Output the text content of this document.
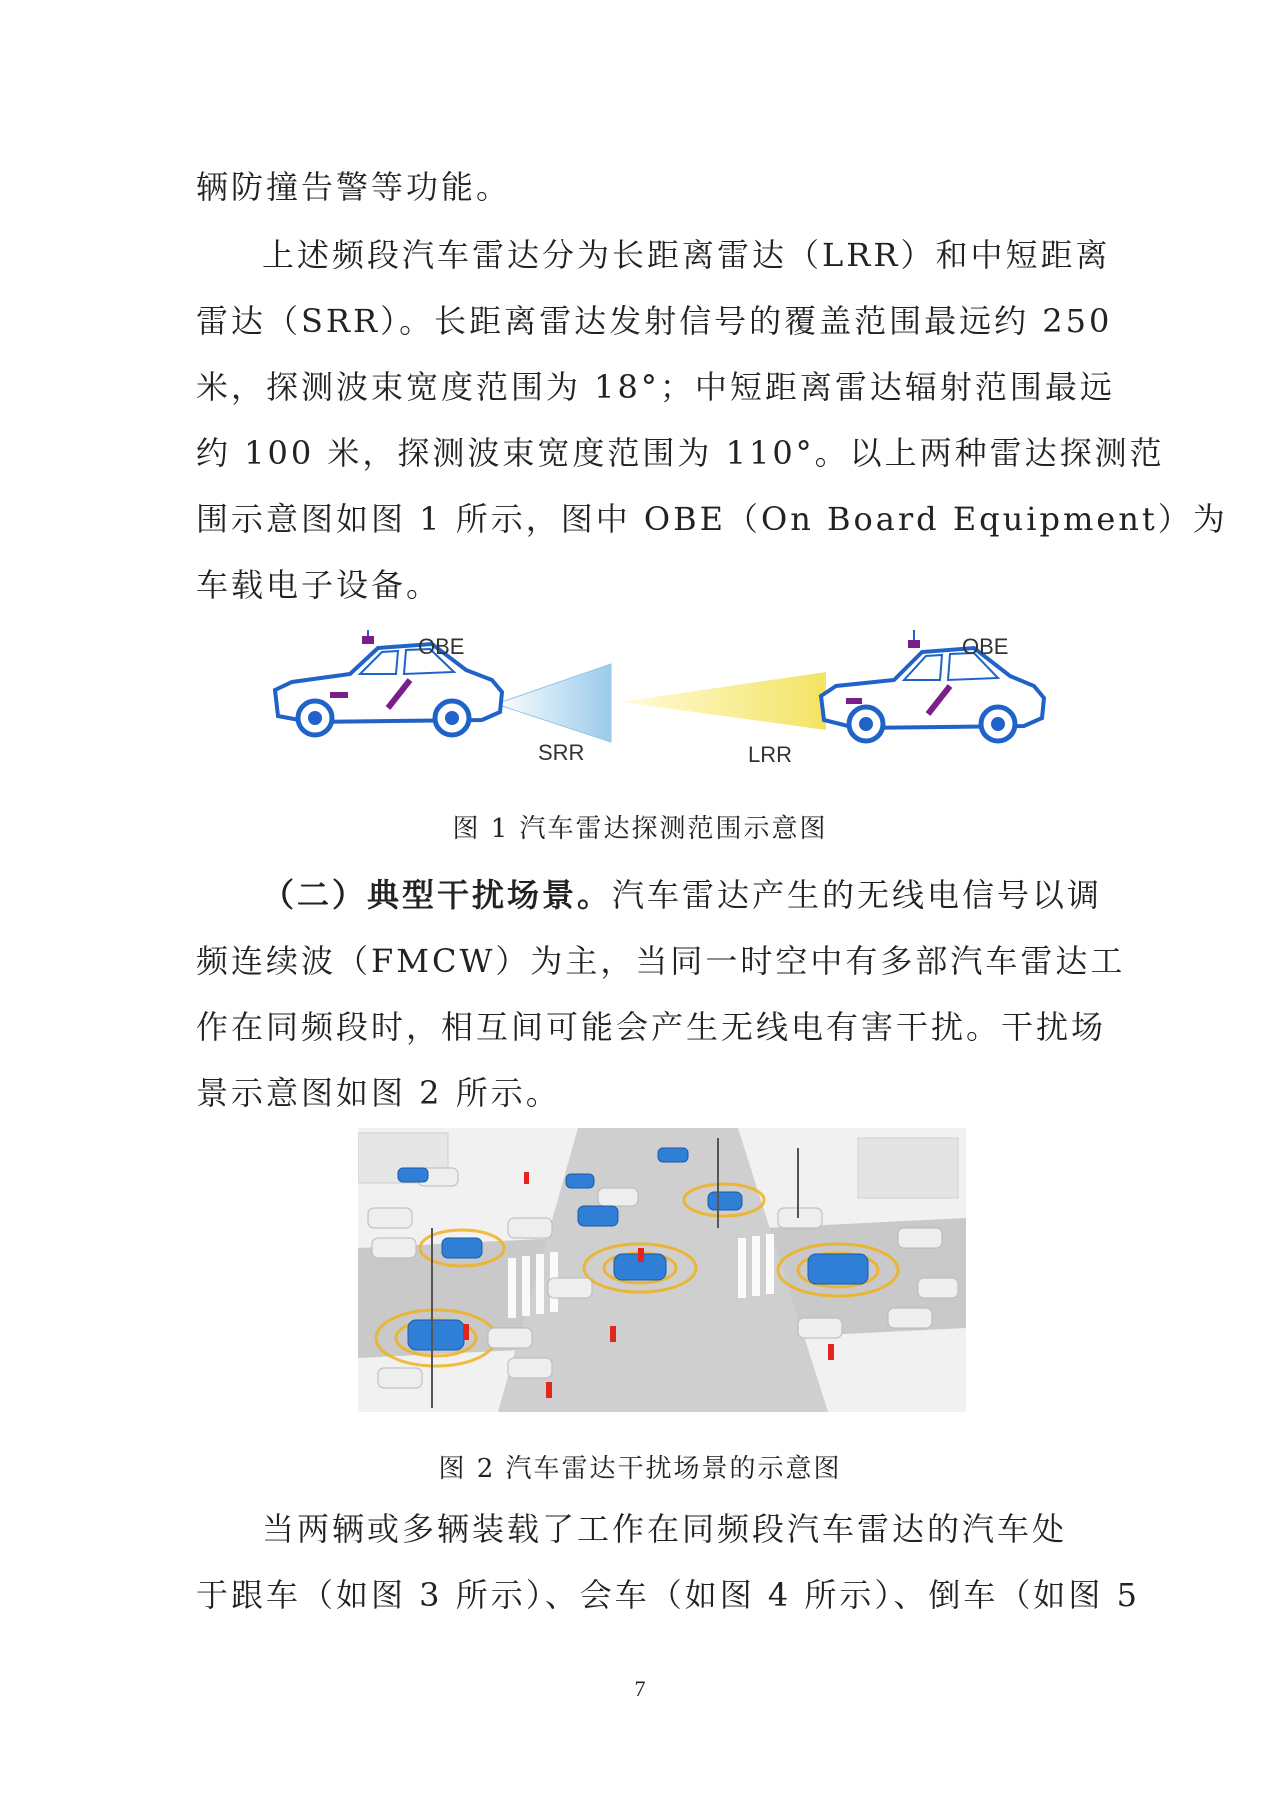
辆防撞告警等功能。
上述频段汽车雷达分为长距离雷达（LRR）和中短距离
雷达（SRR）。长距离雷达发射信号的覆盖范围最远约 250
米，探测波束宽度范围为 18°；中短距离雷达辐射范围最远
约 100 米，探测波束宽度范围为 110°。以上两种雷达探测范
围示意图如图 1 所示，图中 OBE（On Board Equipment）为
车载电子设备。
OBE	OBE
SRR	LRR
图 1 汽车雷达探测范围示意图
（二）典型干扰场景。汽车雷达产生的无线电信号以调
频连续波（FMCW）为主，当同一时空中有多部汽车雷达工
作在同频段时，相互间可能会产生无线电有害干扰。干扰场
景示意图如图 2 所示。
图 2 汽车雷达干扰场景的示意图
当两辆或多辆装载了工作在同频段汽车雷达的汽车处
于跟车（如图 3 所示）、会车（如图 4 所示）、倒车（如图 5
7
